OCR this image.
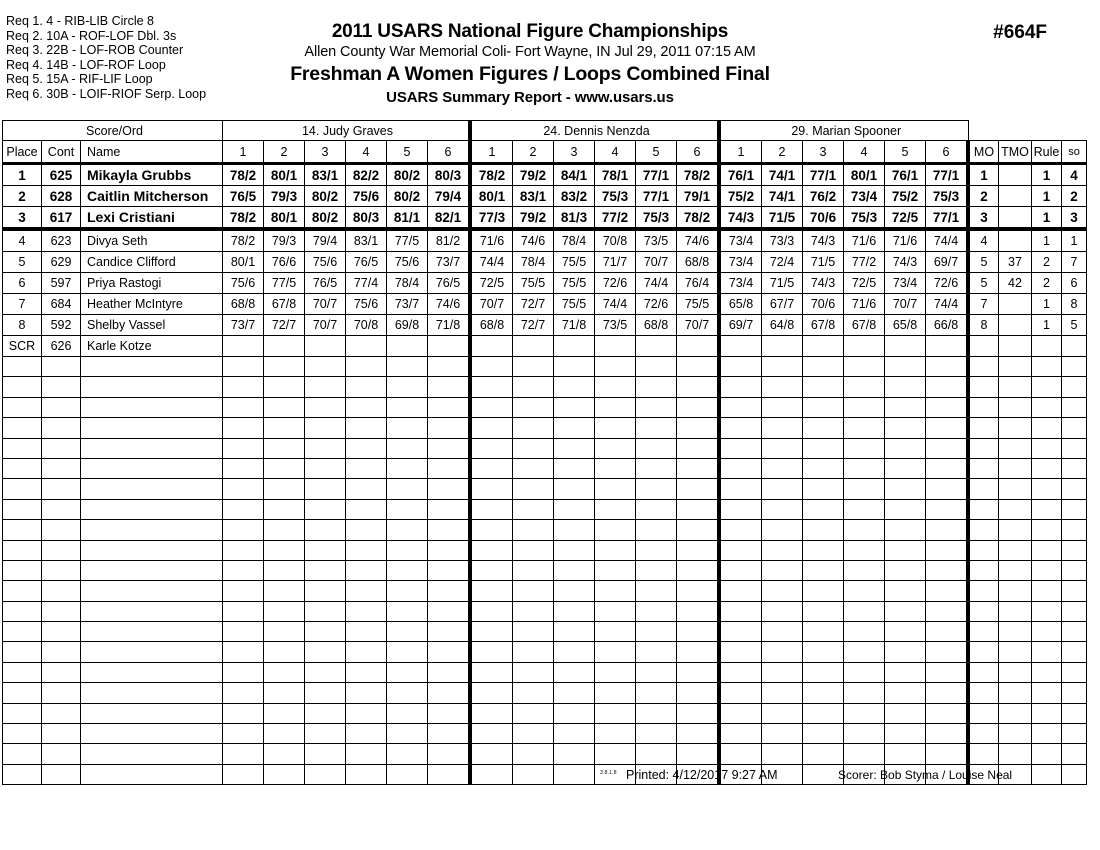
Req 1. 4 - RIB-LIB Circle 8
Req 2. 10A - ROF-LOF Dbl. 3s
Req 3. 22B - LOF-ROB Counter
Req 4. 14B - LOF-ROF Loop
Req 5. 15A - RIF-LIF Loop
Req 6. 30B - LOIF-RIOF Serp. Loop
2011 USARS National Figure Championships
Allen County War Memorial Coli- Fort Wayne, IN Jul 29, 2011 07:15 AM
Freshman A Women Figures / Loops Combined Final
USARS Summary Report - www.usars.us
#664F
Score/Ord			14. Judy Graves						24. Dennis Nenzda						29. Marian Spooner									
Place	Cont	Name	1	2	3	4	5	6	1	2	3	4	5	6	1	2	3	4	5	6	MO	TMO	Rule	so
1	625	Mikayla Grubbs	78/2	80/1	83/1	82/2	80/2	80/3	78/2	79/2	84/1	78/1	77/1	78/2	76/1	74/1	77/1	80/1	76/1	77/1	1		1	4
2	628	Caitlin Mitcherson	76/5	79/3	80/2	75/6	80/2	79/4	80/1	83/1	83/2	75/3	77/1	79/1	75/2	74/1	76/2	73/4	75/2	75/3	2		1	2
3	617	Lexi Cristiani	78/2	80/1	80/2	80/3	81/1	82/1	77/3	79/2	81/3	77/2	75/3	78/2	74/3	71/5	70/6	75/3	72/5	77/1	3		1	3
4	623	Divya Seth	78/2	79/3	79/4	83/1	77/5	81/2	71/6	74/6	78/4	70/8	73/5	74/6	73/4	73/3	74/3	71/6	71/6	74/4	4		1	1
5	629	Candice Clifford	80/1	76/6	75/6	76/5	75/6	73/7	74/4	78/4	75/5	71/7	70/7	68/8	73/4	72/4	71/5	77/2	74/3	69/7	5	37	2	7
6	597	Priya Rastogi	75/6	77/5	76/5	77/4	78/4	76/5	72/5	75/5	75/5	72/6	74/4	76/4	73/4	71/5	74/3	72/5	73/4	72/6	5	42	2	6
7	684	Heather McIntyre	68/8	67/8	70/7	75/6	73/7	74/6	70/7	72/7	75/5	74/4	72/6	75/5	65/8	67/7	70/6	71/6	70/7	74/4	7		1	8
8	592	Shelby Vassel	73/7	72/7	70/7	70/8	69/8	71/8	68/8	72/7	71/8	73/5	68/8	70/7	69/7	64/8	67/8	67/8	65/8	66/8	8		1	5
SCR	626	Karle Kotze																						

3.8.1.8 Printed: 4/12/2017 9:27 AM	Scorer: Bob Styma / Louise Neal
